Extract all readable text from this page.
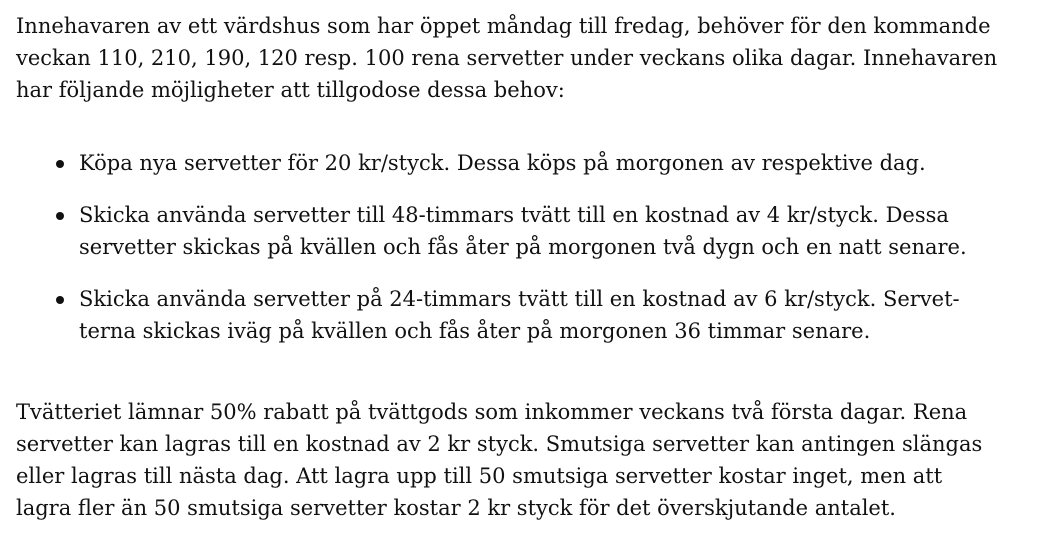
Innehavaren av ett värdshus som har öppet måndag till fredag, behöver för den kommande
veckan 110, 210, 190, 120 resp. 100 rena servetter under veckans olika dagar. Innehavaren
har följande möjligheter att tillgodose dessa behov:

Köpa nya servetter för 20 kr/styck. Dessa köps på morgonen av respektive dag.
Skicka använda servetter till 48-timmars tvätt till en kostnad av 4 kr/styck. Dessa
servetter skickas på kvällen och fås åter på morgonen två dygn och en natt senare.
Skicka använda servetter på 24-timmars tvätt till en kostnad av 6 kr/styck. Servet-
terna skickas iväg på kvällen och fås åter på morgonen 36 timmar senare.

Tvätteriet lämnar 50% rabatt på tvättgods som inkommer veckans två första dagar. Rena
servetter kan lagras till en kostnad av 2 kr styck. Smutsiga servetter kan antingen slängas
eller lagras till nästa dag. Att lagra upp till 50 smutsiga servetter kostar inget, men att
lagra fler än 50 smutsiga servetter kostar 2 kr styck för det överskjutande antalet.
